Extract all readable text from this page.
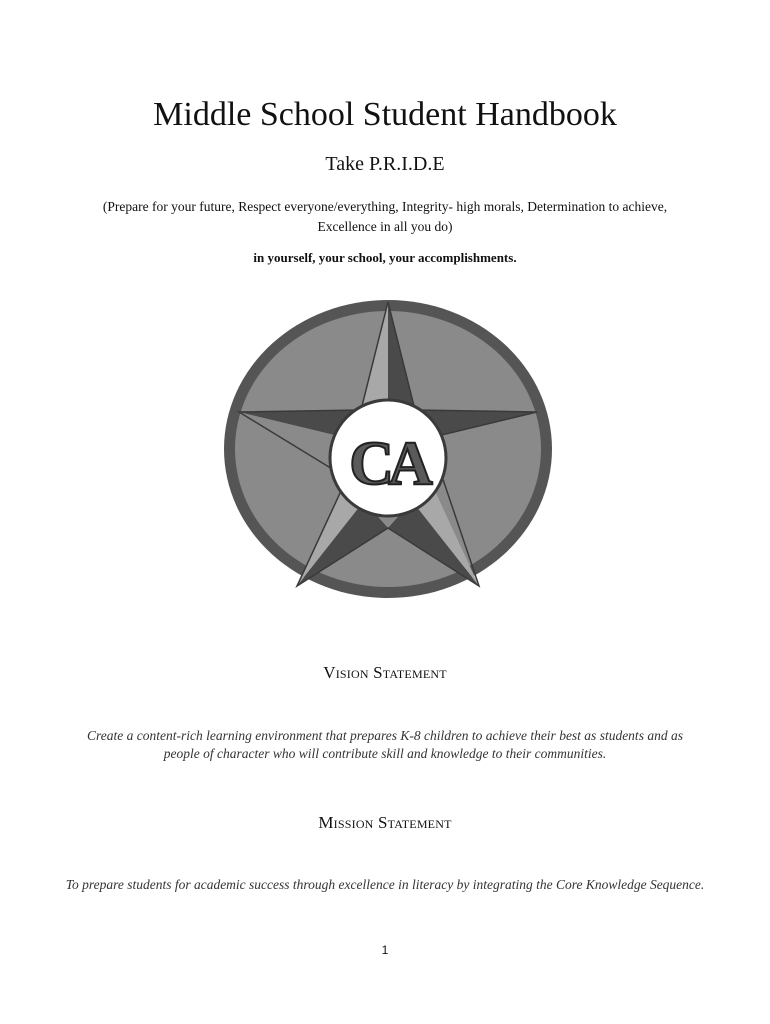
Middle School Student Handbook
Take P.R.I.D.E
(Prepare for your future, Respect everyone/everything, Integrity- high morals, Determination to achieve, Excellence in all you do)
in yourself, your school, your accomplishments.
CA
Vision Statement
Create a content-rich learning environment that prepares K-8 children to achieve their best as students and as people of character who will contribute skill and knowledge to their communities.
Mission Statement
To prepare students for academic success through excellence in literacy by integrating the Core Knowledge Sequence.
1
